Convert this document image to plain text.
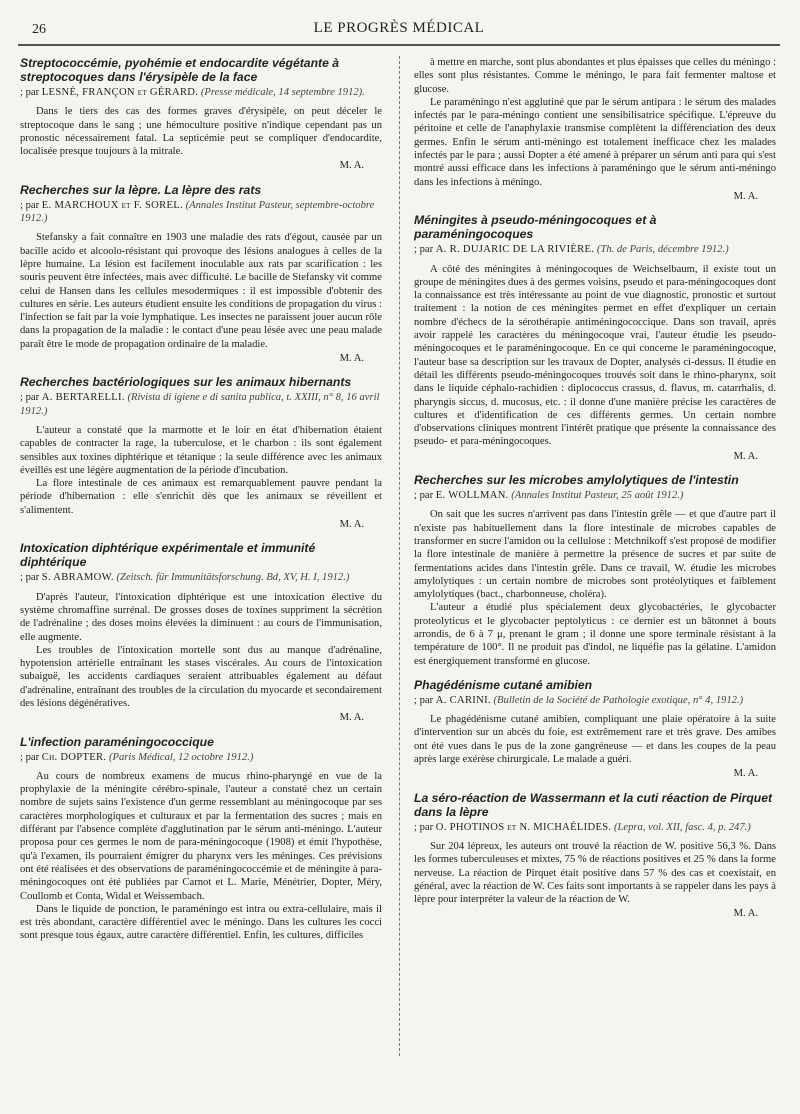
26	LE PROGRÈS MÉDICAL
Streptococcémie, pyohémie et endocardite végétante à streptocoques dans l'érysipèle de la face
; par LESNÉ, FRANÇON et GÉRARD. (Presse médicale, 14 septembre 1912).

Dans le tiers des cas des formes graves d'érysipèle, on peut déceler le streptocoque dans le sang ; une hémoculture positive n'indique cependant pas un pronostic nécessairement fatal. La septicémie peut se compliquer d'endocardite, localisée presque toujours à la mitrale.

M. A.
Recherches sur la lèpre. La lèpre des rats
; par E. MARCHOUX et F. SOREL. (Annales Institut Pasteur, septembre-octobre 1912.)

Stefansky a fait connaître en 1903 une maladie des rats d'égout, causée par un bacille acido et alcoolo-résistant qui provoque des lésions analogues à celles de la lèpre humaine. La lésion est facilement inoculable aux rats par scarification : les souris peuvent être infectées, mais avec difficulté. Le bacille de Stefansky vit comme celui de Hansen dans les cellules mesodermiques : il est impossible d'obtenir des cultures en série. Les auteurs étudient ensuite les conditions de propagation du virus : l'infection se fait par la voie lymphatique. Les insectes ne paraissent jouer aucun rôle dans la propagation de la maladie : le contact d'une peau lésée avec une peau malade paraît être le mode de propagation ordinaire de la maladie.

M. A.
Recherches bactériologiques sur les animaux hibernants
; par A. BERTARELLI. (Rivista di igiene e di sanita publica, t. XXIII, n° 8, 16 avril 1912.)

L'auteur a constaté que la marmotte et le loir en état d'hibernation étaient capables de contracter la rage, la tuberculose, et le charbon : ils sont également sensibles aux toxines diphtérique et tétanique : la seule différence avec les animaux éveillés est une légère augmentation de la période d'incubation.

La flore intestinale de ces animaux est remarquablement pauvre pendant la période d'hibernation : elle s'enrichit dès que les animaux se réveillent et s'alimentent.

M. A.
Intoxication diphtérique expérimentale et immunité diphtérique
; par S. ABRAMOW. (Zeitsch. für Immunitätsforschung. Bd, XV, H. I, 1912.)

D'après l'auteur, l'intoxication diphtérique est une intoxication élective du système chromaffine surrénal. De grosses doses de toxines suppriment la sécrétion de l'adrénaline ; des doses moins élevées la diminuent : au cours de l'immunisation, elle augmente.

Les troubles de l'intoxication mortelle sont dus au manque d'adrénaline, hypotension artérielle entraînant les stases viscérales. Au cours de l'intoxication subaiguë, les accidents cardiaques seraient attribuables également au défaut d'adrénaline, entraînant des troubles de la circulation du myocarde et secondairement des lésions dégénératives.

M. A.
L'infection paraméningococcique
; par Ch. DOPTER. (Paris Médical, 12 octobre 1912.)

Au cours de nombreux examens de mucus rhino-pharyngé en vue de la prophylaxie de la méningite cérébro-spinale, l'auteur a constaté chez un certain nombre de sujets sains l'existence d'un germe ressemblant au méningocoque par ses caractères morphologiques et culturaux et par la fermentation des sucres ; mais en différant par l'absence complète d'agglutination par le sérum anti-méningo. L'auteur proposa pour ces germes le nom de para-méningocoque (1908) et émit l'hypothèse, qu'à l'examen, ils pourraient émigrer du pharynx vers les méninges. Ces prévisions ont été réalisées et des observations de paraméningococcémie et de méningite à para-méningocoques ont été publiées par Carnot et L. Marie, Ménétrier, Dopter, Méry, Coullomb et Conta, Widal et Weissembach.

Dans le liquide de ponction, le paraméningo est intra ou extra-cellulaire, mais il est très abondant, caractère différentiel avec le méningo. Dans les cultures les cocci sont presque tous égaux, autre caractère différentiel. Enfin, les cultures, difficiles

à mettre en marche, sont plus abondantes et plus épaisses que celles du méningo : elles sont plus résistantes. Comme le méningo, le para fait fermenter maltose et glucose.

Le paraméningo n'est agglutiné que par le sérum antipara : le sérum des malades infectés par le para-méningo contient une sensibilisatrice spécifique. L'épreuve du péritoine et celle de l'anaphylaxie transmise complètent la différenciation des deux germes. Enfin le sérum anti-méningo est totalement inefficace chez les malades infectés par le para ; aussi Dopter a été amené à préparer un sérum anti para qui s'est montré aussi efficace dans les infections à paraméningo que le sérum anti-méningo dans les infections à méningo.

M. A.
Méningites à pseudo-méningocoques et à paraméningocoques
; par A. R. DUJARIC DE LA RIVIÈRE. (Th. de Paris, décembre 1912.)

A côté des méningites à méningocoques de Weichselbaum, il existe tout un groupe de méningites dues à des germes voisins, pseudo et para-méningocoques dont la connaissance est très intéressante au point de vue diagnostic, pronostic et surtout traitement : la notion de ces méningites permet en effet d'expliquer un certain nombre d'échecs de la sérothérapie antiméningococcique. Dans son travail, après avoir rappelé les caractères du méningocoque vrai, l'auteur étudie les pseudo-méningocoques et le paraméningocoque. En ce qui concerne le paraméningocoque, l'auteur base sa description sur les travaux de Dopter, analysés ci-dessus. Il étudie en détail les différents pseudo-méningocoques trouvés soit dans le rhino-pharynx, soit dans le liquide céphalo-rachidien : diplococcus crassus, d. flavus, m. catarrhalis, d. pharyngis siccus, d. mucosus, etc. : il donne d'une manière précise les caractères de cultures et d'identification de ces différents germes. Un certain nombre d'observations cliniques montrent l'intérêt pratique que présente la connaissance des pseudo- et para-méningocoques.

M. A.
Recherches sur les microbes amylolytiques de l'intestin
; par E. WOLLMAN. (Annales Institut Pasteur, 25 août 1912.)

On sait que les sucres n'arrivent pas dans l'intestin grêle — et que d'autre part il n'existe pas habituellement dans la flore intestinale de microbes capables de transformer en sucre l'amidon ou la cellulose : Metchnikoff s'est proposé de modifier la flore intestinale de manière à permettre la présence de sucres et par suite de fermentations acides dans l'intestin grêle. Dans ce travail, W. étudie les microbes amylolytiques : un certain nombre de microbes sont protéolytiques et faiblement amylolytiques (bact., charbonneuse, choléra).

L'auteur a étudié plus spécialement deux glycobactéries, le glycobacter proteolyticus et le glycobacter peptolyticus : ce dernier est un bâtonnet à bouts arrondis, de 6 à 7 μ, prenant le gram ; il donne une spore terminale résistant à la température de 100°. Il ne produit pas d'indol, ne liquéfie pas la gélatine. L'amidon est énergiquement transformé en glucose.

Phagédénisme cutané amibien
; par A. CARINI. (Bulletin de la Société de Pathologie exotique, n° 4, 1912.)

Le phagédénisme cutané amibien, compliquant une plaie opératoire à la suite d'intervention sur un abcès du foie, est extrêmement rare et très grave. Des amibes ont été vues dans le pus de la zone gangréneuse — et dans les coupes de la peau après large exérèse chirurgicale. Le malade a guéri.

M. A.
La séro-réaction de Wassermann et la cuti réaction de Pirquet dans la lèpre
; par O. PHOTINOS et N. MICHAÉLIDES. (Lepra, vol. XII, fasc. 4, p. 247.)

Sur 204 lépreux, les auteurs ont trouvé la réaction de W. positive 56,3 %. Dans les formes tuberculeuses et mixtes, 75 % de réactions positives et 25 % dans la forme nerveuse. La réaction de Pirquet était positive dans 57 % des cas et coexistait, en général, avec la réaction de W. Ces faits sont importants à se rappeler dans les pays à lèpre pour interpréter la valeur de la réaction de W.

M. A.
